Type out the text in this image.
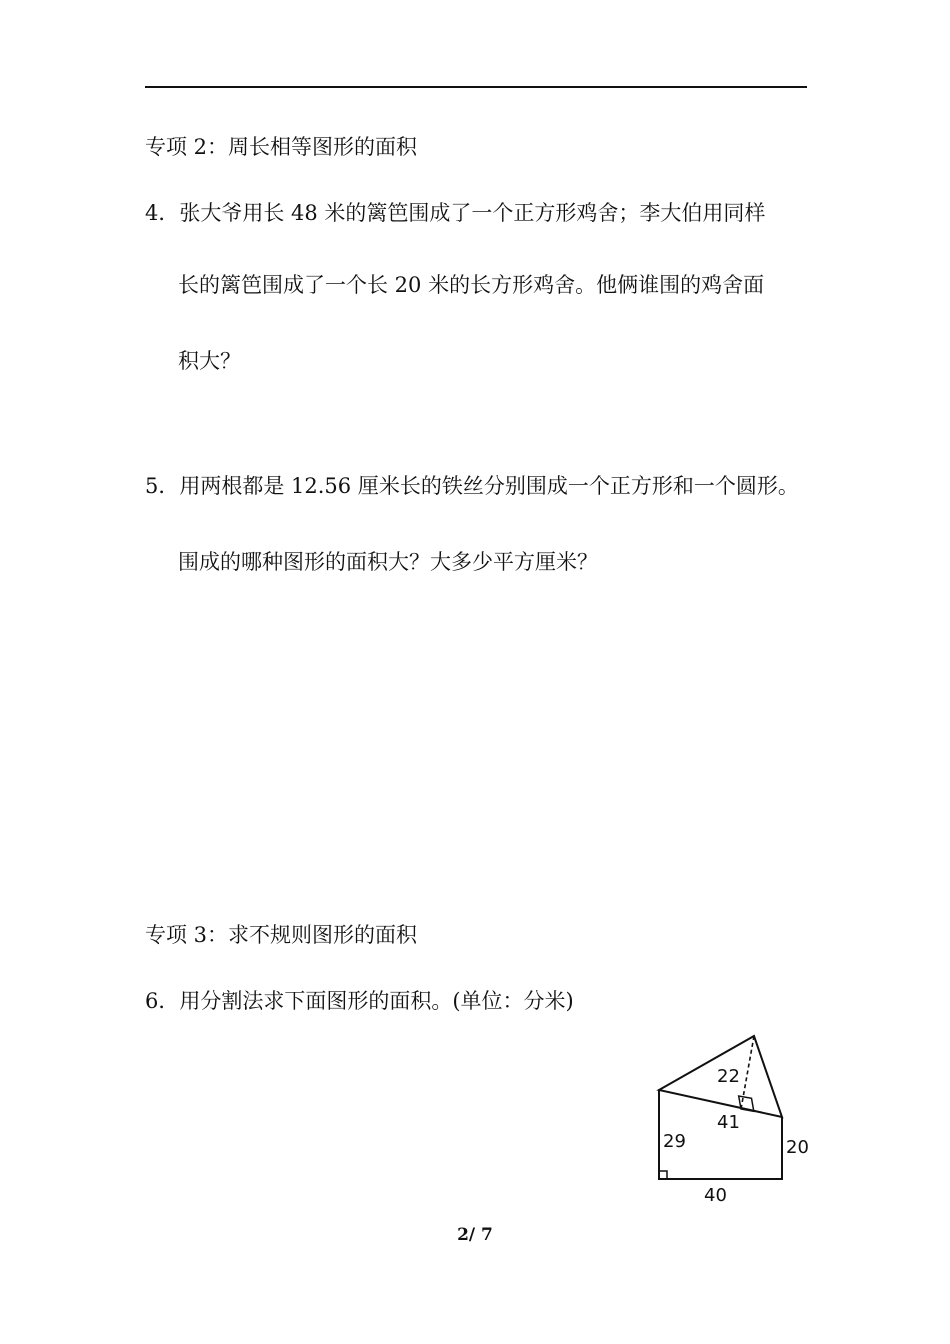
专项 2：周长相等图形的面积
4．张大爷用长 48 米的篱笆围成了一个正方形鸡舍；李大伯用同样
长的篱笆围成了一个长 20 米的长方形鸡舍。他俩谁围的鸡舍面
积大？
5．用两根都是 12.56 厘米长的铁丝分别围成一个正方形和一个圆形。
围成的哪种图形的面积大？大多少平方厘米？
专项 3：求不规则图形的面积
6．用分割法求下面图形的面积。(单位：分米)
22
41
29	20
40
2/ 7
